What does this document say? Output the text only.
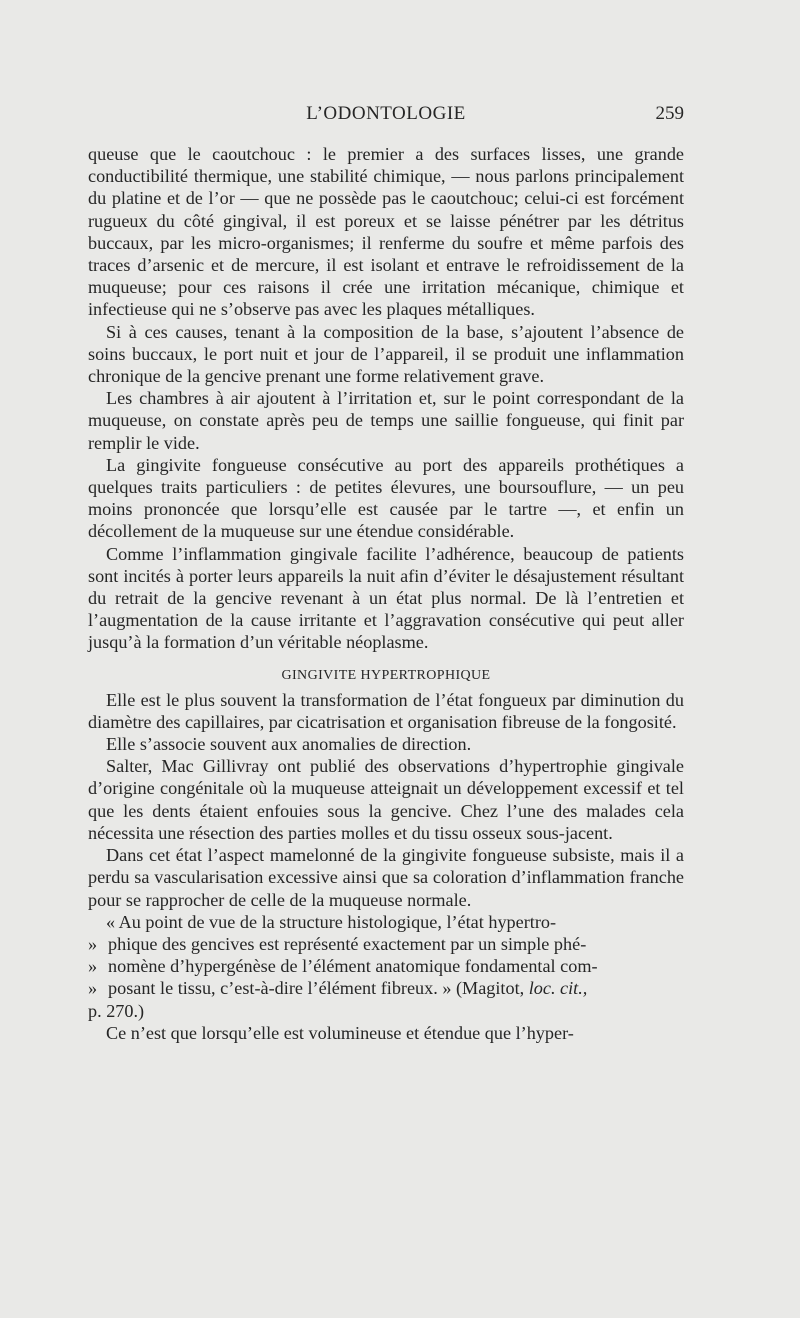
L’ODONTOLOGIE	259

queuse que le caoutchouc : le premier a des surfaces lisses, une grande conductibilité thermique, une stabilité chimique, — nous parlons principalement du platine et de l’or — que ne possède pas le caoutchouc; celui-ci est forcément rugueux du côté gingival, il est poreux et se laisse pénétrer par les détritus buccaux, par les micro-organismes; il renferme du soufre et même parfois des traces d’arsenic et de mercure, il est isolant et entrave le refroidissement de la muqueuse; pour ces raisons il crée une irritation mécanique, chimique et infectieuse qui ne s’observe pas avec les plaques métalliques.

Si à ces causes, tenant à la composition de la base, s’ajoutent l’absence de soins buccaux, le port nuit et jour de l’appareil, il se produit une inflammation chronique de la gencive prenant une forme relativement grave.

Les chambres à air ajoutent à l’irritation et, sur le point correspondant de la muqueuse, on constate après peu de temps une saillie fongueuse, qui finit par remplir le vide.

La gingivite fongueuse consécutive au port des appareils prothétiques a quelques traits particuliers : de petites élevures, une boursouflure, — un peu moins prononcée que lorsqu’elle est causée par le tartre —, et enfin un décollement de la muqueuse sur une étendue considérable.

Comme l’inflammation gingivale facilite l’adhérence, beaucoup de patients sont incités à porter leurs appareils la nuit afin d’éviter le désajustement résultant du retrait de la gencive revenant à un état plus normal. De là l’entretien et l’augmentation de la cause irritante et l’aggravation consécutive qui peut aller jusqu’à la formation d’un véritable néoplasme.

GINGIVITE HYPERTROPHIQUE

Elle est le plus souvent la transformation de l’état fongueux par diminution du diamètre des capillaires, par cicatrisation et organisation fibreuse de la fongosité.

Elle s’associe souvent aux anomalies de direction.

Salter, Mac Gillivray ont publié des observations d’hypertrophie gingivale d’origine congénitale où la muqueuse atteignait un développement excessif et tel que les dents étaient enfouies sous la gencive. Chez l’une des malades cela nécessita une résection des parties molles et du tissu osseux sous-jacent.

Dans cet état l’aspect mamelonné de la gingivite fongueuse subsiste, mais il a perdu sa vascularisation excessive ainsi que sa coloration d’inflammation franche pour se rapprocher de celle de la muqueuse normale.

« Au point de vue de la structure histologique, l’état hypertro-
» phique des gencives est représenté exactement par un simple phé-
» nomène d’hypergénèse de l’élément anatomique fondamental com-
» posant le tissu, c’est-à-dire l’élément fibreux. » (Magitot, loc. cit.,
p. 270.)

Ce n’est que lorsqu’elle est volumineuse et étendue que l’hyper-
